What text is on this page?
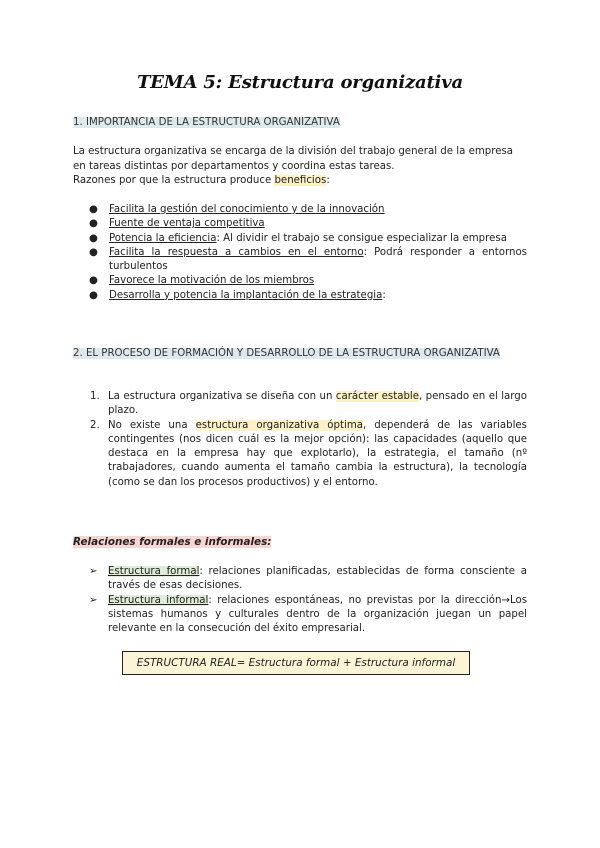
TEMA 5: Estructura organizativa
1. IMPORTANCIA DE LA ESTRUCTURA ORGANIZATIVA
La estructura organizativa se encarga de la división del trabajo general de la empresa en tareas distintas por departamentos y coordina estas tareas.
Razones por que la estructura produce beneficios:
● Facilita la gestión del conocimiento y de la innovación
● Fuente de ventaja competitiva
● Potencia la eficiencia: Al dividir el trabajo se consigue especializar la empresa
● Facilita la respuesta a cambios en el entorno: Podrá responder a entornos turbulentos
● Favorece la motivación de los miembros
● Desarrolla y potencia la implantación de la estrategia:
2. EL PROCESO DE FORMACIÓN Y DESARROLLO DE LA ESTRUCTURA ORGANIZATIVA
1. La estructura organizativa se diseña con un carácter estable, pensado en el largo plazo.
2. No existe una estructura organizativa óptima, dependerá de las variables contingentes (nos dicen cuál es la mejor opción): las capacidades (aquello que destaca en la empresa hay que explotarlo), la estrategia, el tamaño (nº trabajadores, cuando aumenta el tamaño cambia la estructura), la tecnología (como se dan los procesos productivos) y el entorno.
Relaciones formales e informales:
➢ Estructura formal: relaciones planificadas, establecidas de forma consciente a través de esas decisiones.
➢ Estructura informal: relaciones espontáneas, no previstas por la dirección→Los sistemas humanos y culturales dentro de la organización juegan un papel relevante en la consecución del éxito empresarial.
ESTRUCTURA REAL= Estructura formal + Estructura informal
